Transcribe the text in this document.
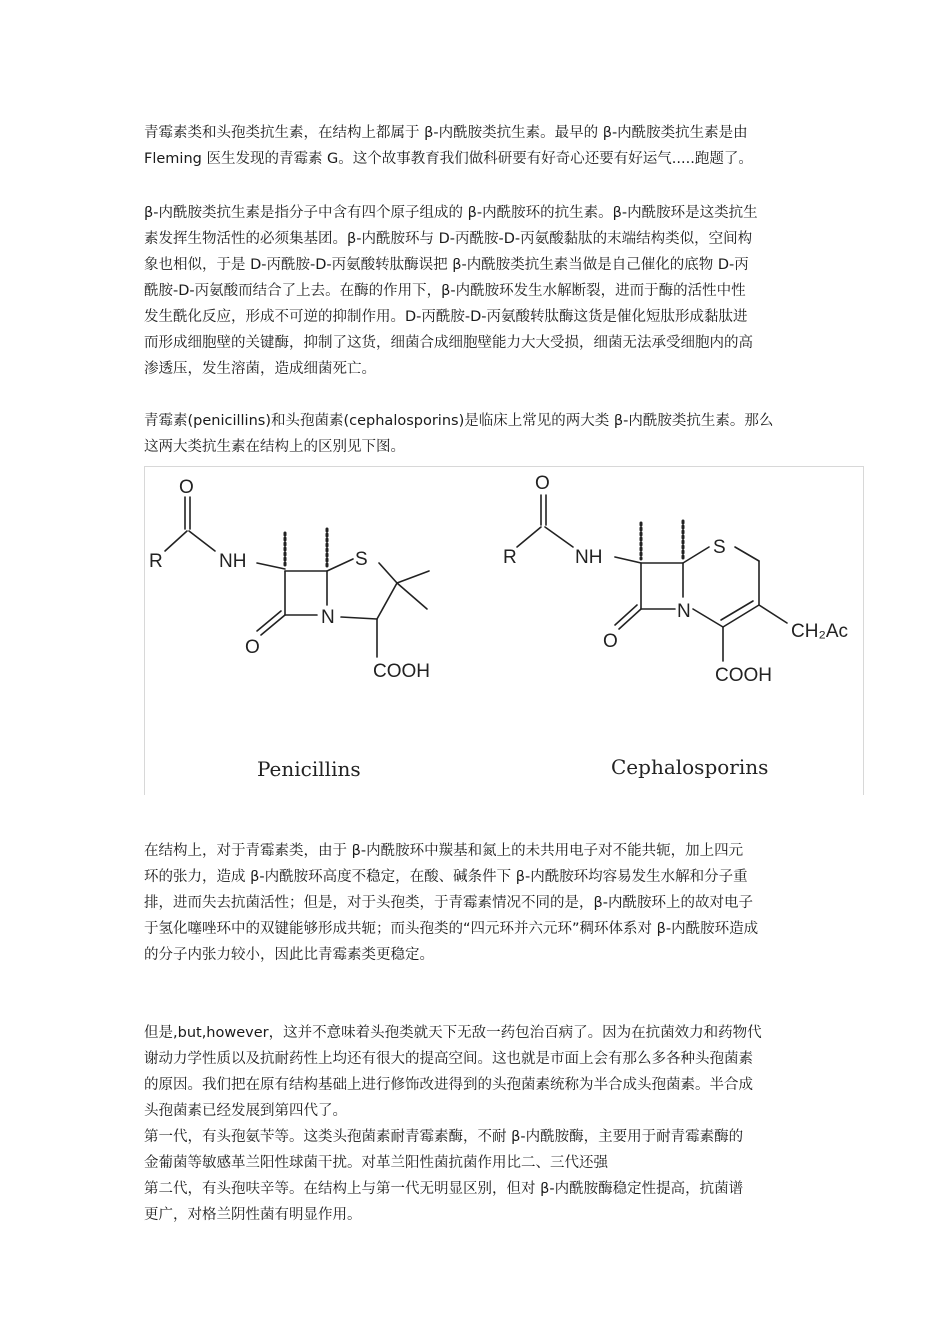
青霉素类和头孢类抗生素，在结构上都属于 β-内酰胺类抗生素。最早的 β-内酰胺类抗生素是由
Fleming 医生发现的青霉素 G。这个故事教育我们做科研要有好奇心还要有好运气.....跑题了。
β-内酰胺类抗生素是指分子中含有四个原子组成的 β-内酰胺环的抗生素。β-内酰胺环是这类抗生
素发挥生物活性的必须集基团。β-内酰胺环与 D-丙酰胺-D-丙氨酸黏肽的末端结构类似，空间构
象也相似，于是 D-丙酰胺-D-丙氨酸转肽酶误把 β-内酰胺类抗生素当做是自己催化的底物 D-丙
酰胺-D-丙氨酸而结合了上去。在酶的作用下，β-内酰胺环发生水解断裂，进而于酶的活性中性
发生酰化反应，形成不可逆的抑制作用。D-丙酰胺-D-丙氨酸转肽酶这货是催化短肽形成黏肽进
而形成细胞壁的关键酶，抑制了这货，细菌合成细胞壁能力大大受损，细菌无法承受细胞内的高
渗透压，发生溶菌，造成细菌死亡。
青霉素(penicillins)和头孢菌素(cephalosporins)是临床上常见的两大类 β-内酰胺类抗生素。那么
这两大类抗生素在结构上的区别见下图。
O
R	NH	S
N
O
COOH
O
R	NH	S
N
O
COOH
CH₂Ac
Penicillins	Cephalosporins
在结构上，对于青霉素类，由于 β-内酰胺环中羰基和氮上的未共用电子对不能共轭，加上四元
环的张力，造成 β-内酰胺环高度不稳定，在酸、碱条件下 β-内酰胺环均容易发生水解和分子重
排，进而失去抗菌活性；但是，对于头孢类，于青霉素情况不同的是，β-内酰胺环上的故对电子
于氢化噻唑环中的双键能够形成共轭；而头孢类的“四元环并六元环”稠环体系对 β-内酰胺环造成
的分子内张力较小，因此比青霉素类更稳定。
但是,but,however，这并不意味着头孢类就天下无敌一药包治百病了。因为在抗菌效力和药物代
谢动力学性质以及抗耐药性上均还有很大的提高空间。这也就是市面上会有那么多各种头孢菌素
的原因。我们把在原有结构基础上进行修饰改进得到的头孢菌素统称为半合成头孢菌素。半合成
头孢菌素已经发展到第四代了。
第一代，有头孢氨苄等。这类头孢菌素耐青霉素酶，不耐 β-内酰胺酶，主要用于耐青霉素酶的
金葡菌等敏感革兰阳性球菌干扰。对革兰阳性菌抗菌作用比二、三代还强
第二代，有头孢呋辛等。在结构上与第一代无明显区别，但对 β-内酰胺酶稳定性提高，抗菌谱
更广，对格兰阴性菌有明显作用。
